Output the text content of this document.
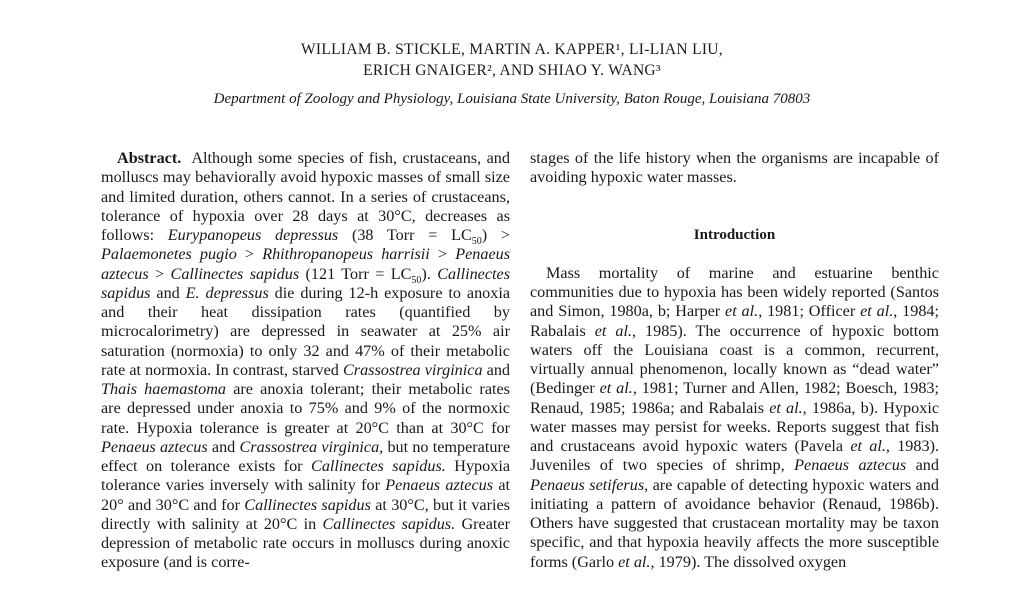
WILLIAM B. STICKLE, MARTIN A. KAPPER¹, LI-LIAN LIU,
ERICH GNAIGER², AND SHIAO Y. WANG³
Department of Zoology and Physiology, Louisiana State University, Baton Rouge, Louisiana 70803

Abstract. Although some species of fish, crustaceans, and molluscs may behaviorally avoid hypoxic masses of small size and limited duration, others cannot. In a series of crustaceans, tolerance of hypoxia over 28 days at 30°C, decreases as follows: Eurypanopeus depressus (38 Torr = $LC_{50}$) > Palaemonetes pugio > Rhithropanopeus harrisii > Penaeus aztecus > Callinectes sapidus (121 Torr = $LC_{50}$). Callinectes sapidus and E. depressus die during 12-h exposure to anoxia and their heat dissipation rates (quantified by microcalorimetry) are depressed in seawater at 25% air saturation (normoxia) to only 32 and 47% of their metabolic rate at normoxia. In contrast, starved Crassostrea virginica and Thais haemastoma are anoxia tolerant; their metabolic rates are depressed under anoxia to 75% and 9% of the normoxic rate. Hypoxia tolerance is greater at 20°C than at 30°C for Penaeus aztecus and Crassostrea virginica, but no temperature effect on tolerance exists for Callinectes sapidus. Hypoxia tolerance varies inversely with salinity for Penaeus aztecus at 20° and 30°C and for Callinectes sapidus at 30°C, but it varies directly with salinity at 20°C in Callinectes sapidus. Greater depression of metabolic rate occurs in molluscs during anoxic exposure (and is corre-

stages of the life history when the organisms are incapable of avoiding hypoxic water masses.

Introduction

Mass mortality of marine and estuarine benthic communities due to hypoxia has been widely reported (Santos and Simon, 1980a, b; Harper et al., 1981; Officer et al., 1984; Rabalais et al., 1985). The occurrence of hypoxic bottom waters off the Louisiana coast is a common, recurrent, virtually annual phenomenon, locally known as “dead water” (Bedinger et al., 1981; Turner and Allen, 1982; Boesch, 1983; Renaud, 1985; 1986a; and Rabalais et al., 1986a, b). Hypoxic water masses may persist for weeks. Reports suggest that fish and crustaceans avoid hypoxic waters (Pavela et al., 1983). Juveniles of two species of shrimp, Penaeus aztecus and Penaeus setiferus, are capable of detecting hypoxic waters and initiating a pattern of avoidance behavior (Renaud, 1986b). Others have suggested that crustacean mortality may be taxon specific, and that hypoxia heavily affects the more susceptible forms (Garlo et al., 1979). The dissolved oxygen
